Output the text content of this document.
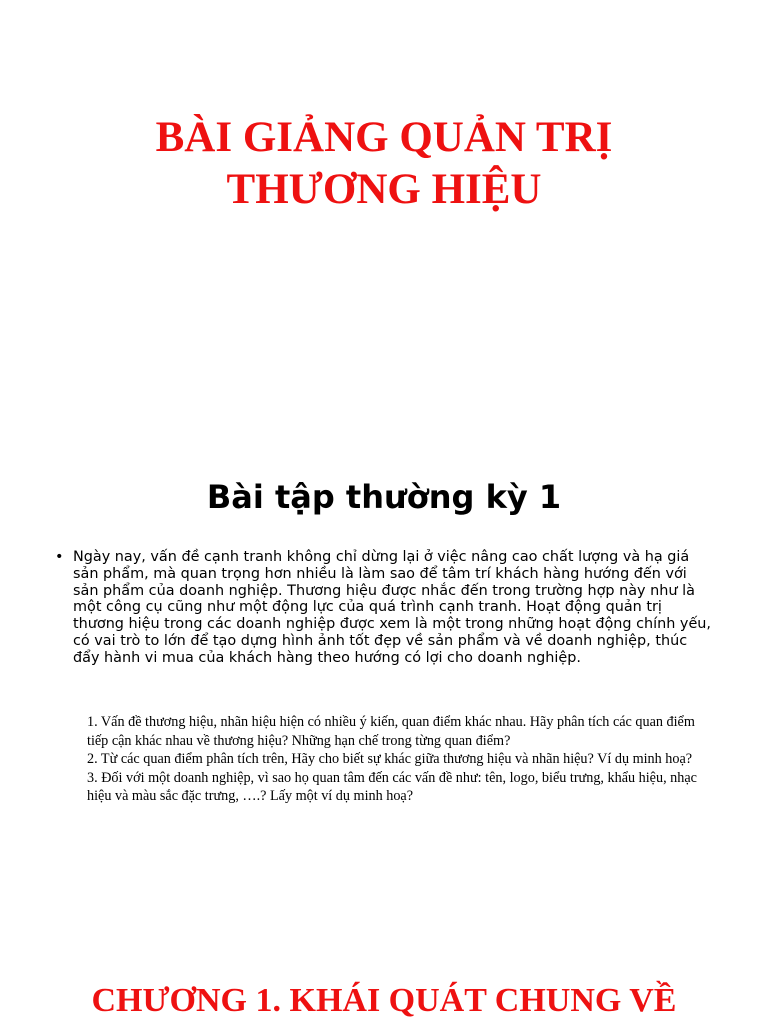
BÀI GIẢNG QUẢN TRỊ
THƯƠNG HIỆU
Bài tập thường kỳ 1
• Ngày nay, vấn đề cạnh tranh không chỉ dừng lại ở việc nâng cao chất lượng và hạ giá sản phẩm, mà quan trọng hơn nhiều là làm sao để tâm trí khách hàng hướng đến với sản phẩm của doanh nghiệp. Thương hiệu được nhắc đến trong trường hợp này như là một công cụ cũng như một động lực của quá trình cạnh tranh. Hoạt động quản trị thương hiệu trong các doanh nghiệp được xem là một trong những hoạt động chính yếu, có vai trò to lớn để tạo dựng hình ảnh tốt đẹp về sản phẩm và về doanh nghiệp, thúc đẩy hành vi mua của khách hàng theo hướng có lợi cho doanh nghiệp.

1. Vấn đề thương hiệu, nhãn hiệu hiện có nhiều ý kiến, quan điểm khác nhau. Hãy phân tích các quan điểm tiếp cận khác nhau về thương hiệu? Những hạn chế trong từng quan điểm?

2. Từ các quan điểm phân tích trên, Hãy cho biết sự khác giữa thương hiệu và nhãn hiệu? Ví dụ minh hoạ?

3. Đối với một doanh nghiệp, vì sao họ quan tâm đến các vấn đề như: tên, logo, biểu trưng, khẩu hiệu, nhạc hiệu và màu sắc đặc trưng, ….? Lấy một ví dụ minh hoạ?

CHƯƠNG 1. KHÁI QUÁT CHUNG VỀ
